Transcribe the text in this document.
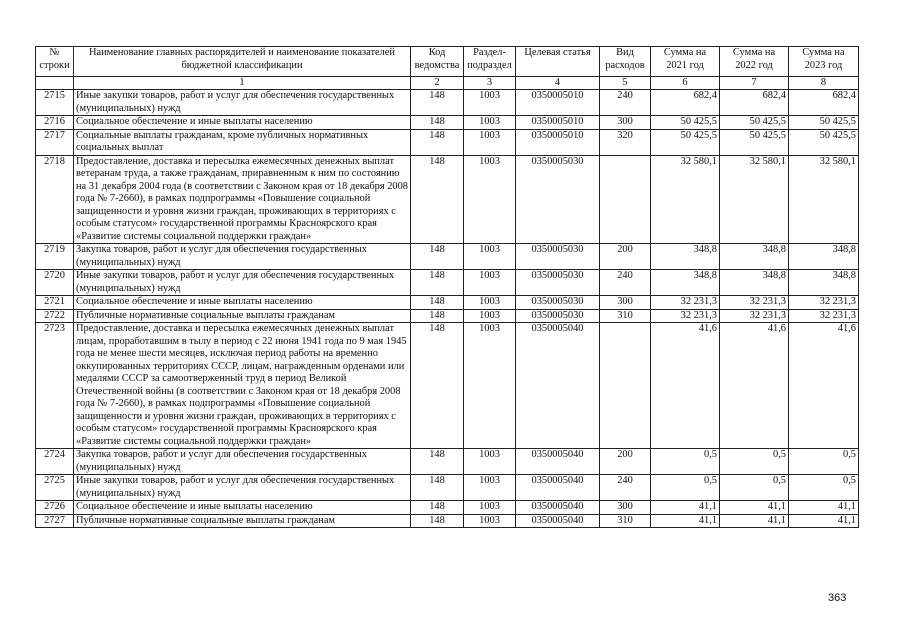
№ строки	Наименование главных распорядителей и наименование показателей бюджетной классификации	Код ведомства	Раздел-подраздел	Целевая статья	Вид расходов	Сумма на 2021 год	Сумма на 2022 год	Сумма на 2023 год
	1	2	3	4	5	6	7	8
2715	Иные закупки товаров, работ и услуг для обеспечения государственных (муниципальных) нужд	148	1003	0350005010	240	682,4	682,4	682,4
2716	Социальное обеспечение и иные выплаты населению	148	1003	0350005010	300	50 425,5	50 425,5	50 425,5
2717	Социальные выплаты гражданам, кроме публичных нормативных социальных выплат	148	1003	0350005010	320	50 425,5	50 425,5	50 425,5
2718	Предоставление, доставка и пересылка ежемесячных денежных выплат ветеранам труда, а также гражданам, приравненным к ним по состоянию на 31 декабря 2004 года (в соответствии с Законом края от 18 декабря 2008 года № 7-2660), в рамках подпрограммы «Повышение социальной защищенности и уровня жизни граждан, проживающих в территориях с особым статусом» государственной программы Красноярского края «Развитие системы социальной поддержки граждан»	148	1003	0350005030		32 580,1	32 580,1	32 580,1
2719	Закупка товаров, работ и услуг для обеспечения государственных (муниципальных) нужд	148	1003	0350005030	200	348,8	348,8	348,8
2720	Иные закупки товаров, работ и услуг для обеспечения государственных (муниципальных) нужд	148	1003	0350005030	240	348,8	348,8	348,8
2721	Социальное обеспечение и иные выплаты населению	148	1003	0350005030	300	32 231,3	32 231,3	32 231,3
2722	Публичные нормативные социальные выплаты гражданам	148	1003	0350005030	310	32 231,3	32 231,3	32 231,3
2723	Предоставление, доставка и пересылка ежемесячных денежных выплат лицам, проработавшим в тылу в период с 22 июня 1941 года по 9 мая 1945 года не менее шести месяцев, исключая период работы на временно оккупированных территориях СССР, лицам, награжденным орденами или медалями СССР за самоотверженный труд в период Великой Отечественной войны (в соответствии с Законом края от 18 декабря 2008 года № 7-2660), в рамках подпрограммы «Повышение социальной защищенности и уровня жизни граждан, проживающих в территориях с особым статусом» государственной программы Красноярского края «Развитие системы социальной поддержки граждан»	148	1003	0350005040		41,6	41,6	41,6
2724	Закупка товаров, работ и услуг для обеспечения государственных (муниципальных) нужд	148	1003	0350005040	200	0,5	0,5	0,5
2725	Иные закупки товаров, работ и услуг для обеспечения государственных (муниципальных) нужд	148	1003	0350005040	240	0,5	0,5	0,5
2726	Социальное обеспечение и иные выплаты населению	148	1003	0350005040	300	41,1	41,1	41,1
2727	Публичные нормативные социальные выплаты гражданам	148	1003	0350005040	310	41,1	41,1	41,1
363
